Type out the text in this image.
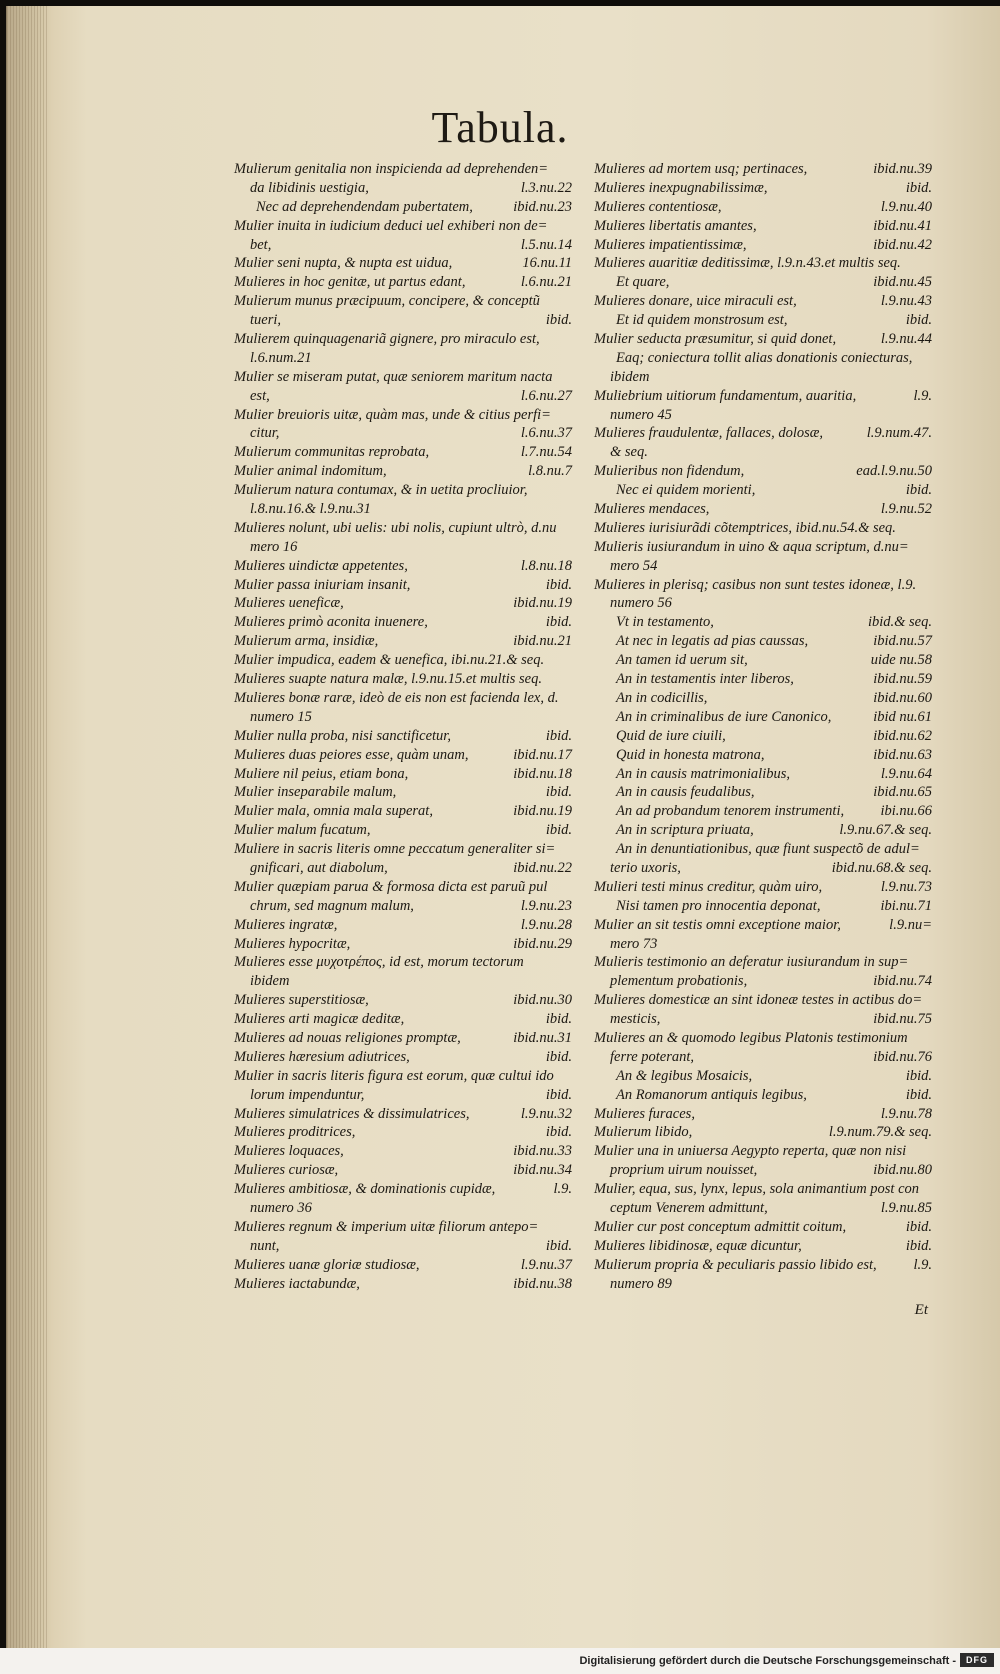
Tabula.
Mulierum genitalia non inspicienda ad deprehenden=
da libidinis uestigia,	l.3.nu.22
Nec ad deprehendendam pubertatem,	ibid.nu.23
Mulier inuita in iudicium deduci uel exhiberi non de=
bet,	l.5.nu.14
Mulier seni nupta, & nupta est uidua,	16.nu.11
Mulieres in hoc genitæ, ut partus edant,	l.6.nu.21
Mulierum munus præcipuum, concipere, & conceptũ
tueri,	ibid.
Mulierem quinquagenariã gignere, pro miraculo est,
l.6.num.21
Mulier se miseram putat, quæ seniorem maritum nacta
est,	l.6.nu.27
Mulier breuioris uitæ, quàm mas, unde & citius perfi=
citur,	l.6.nu.37
Mulierum communitas reprobata,	l.7.nu.54
Mulier animal indomitum,	l.8.nu.7
Mulierum natura contumax, & in uetita procliuior,
l.8.nu.16.& l.9.nu.31
Mulieres nolunt, ubi uelis: ubi nolis, cupiunt ultrò, d.nu
mero 16
Mulieres uindictæ appetentes,	l.8.nu.18
Mulier passa iniuriam insanit,	ibid.
Mulieres ueneficæ,	ibid.nu.19
Mulieres primò aconita inuenere,	ibid.
Mulierum arma, insidiæ,	ibid.nu.21
Mulier impudica, eadem & uenefica, ibi.nu.21.& seq.
Mulieres suapte natura malæ, l.9.nu.15.et multis seq.
Mulieres bonæ raræ, ideò de eis non est facienda lex, d.
numero 15
Mulier nulla proba, nisi sanctificetur,	ibid.
Mulieres duas peiores esse, quàm unam,	ibid.nu.17
Muliere nil peius, etiam bona,	ibid.nu.18
Mulier inseparabile malum,	ibid.
Mulier mala, omnia mala superat,	ibid.nu.19
Mulier malum fucatum,	ibid.
Muliere in sacris literis omne peccatum generaliter si=
gnificari, aut diabolum,	ibid.nu.22
Mulier quæpiam parua & formosa dicta est paruũ pul
chrum, sed magnum malum,	l.9.nu.23
Mulieres ingratæ,	l.9.nu.28
Mulieres hypocritæ,	ibid.nu.29
Mulieres esse μυχοτρέπος, id est, morum tectorum
ibidem
Mulieres superstitiosæ,	ibid.nu.30
Mulieres arti magicæ deditæ,	ibid.
Mulieres ad nouas religiones promptæ,	ibid.nu.31
Mulieres hæresium adiutrices,	ibid.
Mulier in sacris literis figura est eorum, quæ cultui ido
lorum impenduntur,	ibid.
Mulieres simulatrices & dissimulatrices,	l.9.nu.32
Mulieres proditrices,	ibid.
Mulieres loquaces,	ibid.nu.33
Mulieres curiosæ,	ibid.nu.34
Mulieres ambitiosæ, & dominationis cupidæ,	l.9.
numero 36
Mulieres regnum & imperium uitæ filiorum antepo=
nunt,	ibid.
Mulieres uanæ gloriæ studiosæ,	l.9.nu.37
Mulieres iactabundæ,	ibid.nu.38
Mulieres ad mortem usq; pertinaces,	ibid.nu.39
Mulieres inexpugnabilissimæ,	ibid.
Mulieres contentiosæ,	l.9.nu.40
Mulieres libertatis amantes,	ibid.nu.41
Mulieres impatientissimæ,	ibid.nu.42
Mulieres auaritiæ deditissimæ, l.9.n.43.et multis seq.
Et quare,	ibid.nu.45
Mulieres donare, uice miraculi est,	l.9.nu.43
Et id quidem monstrosum est,	ibid.
Mulier seducta præsumitur, si quid donet,	l.9.nu.44
Eaq; coniectura tollit alias donationis coniecturas,
ibidem
Muliebrium uitiorum fundamentum, auaritia,	l.9.
numero 45
Mulieres fraudulentæ, fallaces, dolosæ,	l.9.num.47.
& seq.
Mulieribus non fidendum,	ead.l.9.nu.50
Nec ei quidem morienti,	ibid.
Mulieres mendaces,	l.9.nu.52
Mulieres iurisiurãdi cõtemptrices, ibid.nu.54.& seq.
Mulieris iusiurandum in uino & aqua scriptum, d.nu=
mero 54
Mulieres in plerisq; casibus non sunt testes idoneæ, l.9.
numero 56
Vt in testamento,	ibid.& seq.
At nec in legatis ad pias caussas,	ibid.nu.57
An tamen id uerum sit,	uide nu.58
An in testamentis inter liberos,	ibid.nu.59
An in codicillis,	ibid.nu.60
An in criminalibus de iure Canonico,	ibid nu.61
Quid de iure ciuili,	ibid.nu.62
Quid in honesta matrona,	ibid.nu.63
An in causis matrimonialibus,	l.9.nu.64
An in causis feudalibus,	ibid.nu.65
An ad probandum tenorem instrumenti,	ibi.nu.66
An in scriptura priuata,	l.9.nu.67.& seq.
An in denuntiationibus, quæ fiunt suspectõ de adul=
terio uxoris,	ibid.nu.68.& seq.
Mulieri testi minus creditur, quàm uiro,	l.9.nu.73
Nisi tamen pro innocentia deponat,	ibi.nu.71
Mulier an sit testis omni exceptione maior,	l.9.nu=
mero 73
Mulieris testimonio an deferatur iusiurandum in sup=
plementum probationis,	ibid.nu.74
Mulieres domesticæ an sint idoneæ testes in actibus do=
mesticis,	ibid.nu.75
Mulieres an & quomodo legibus Platonis testimonium
ferre poterant,	ibid.nu.76
An & legibus Mosaicis,	ibid.
An Romanorum antiquis legibus,	ibid.
Mulieres furaces,	l.9.nu.78
Mulierum libido,	l.9.num.79.& seq.
Mulier una in uniuersa Aegypto reperta, quæ non nisi
proprium uirum nouisset,	ibid.nu.80
Mulier, equa, sus, lynx, lepus, sola animantium post con
ceptum Venerem admittunt,	l.9.nu.85
Mulier cur post conceptum admittit coitum,	ibid.
Mulieres libidinosæ, equæ dicuntur,	ibid.
Mulierum propria & peculiaris passio libido est,	l.9.
numero 89
Et
Digitalisierung gefördert durch die Deutsche Forschungsgemeinschaft -	DFG
